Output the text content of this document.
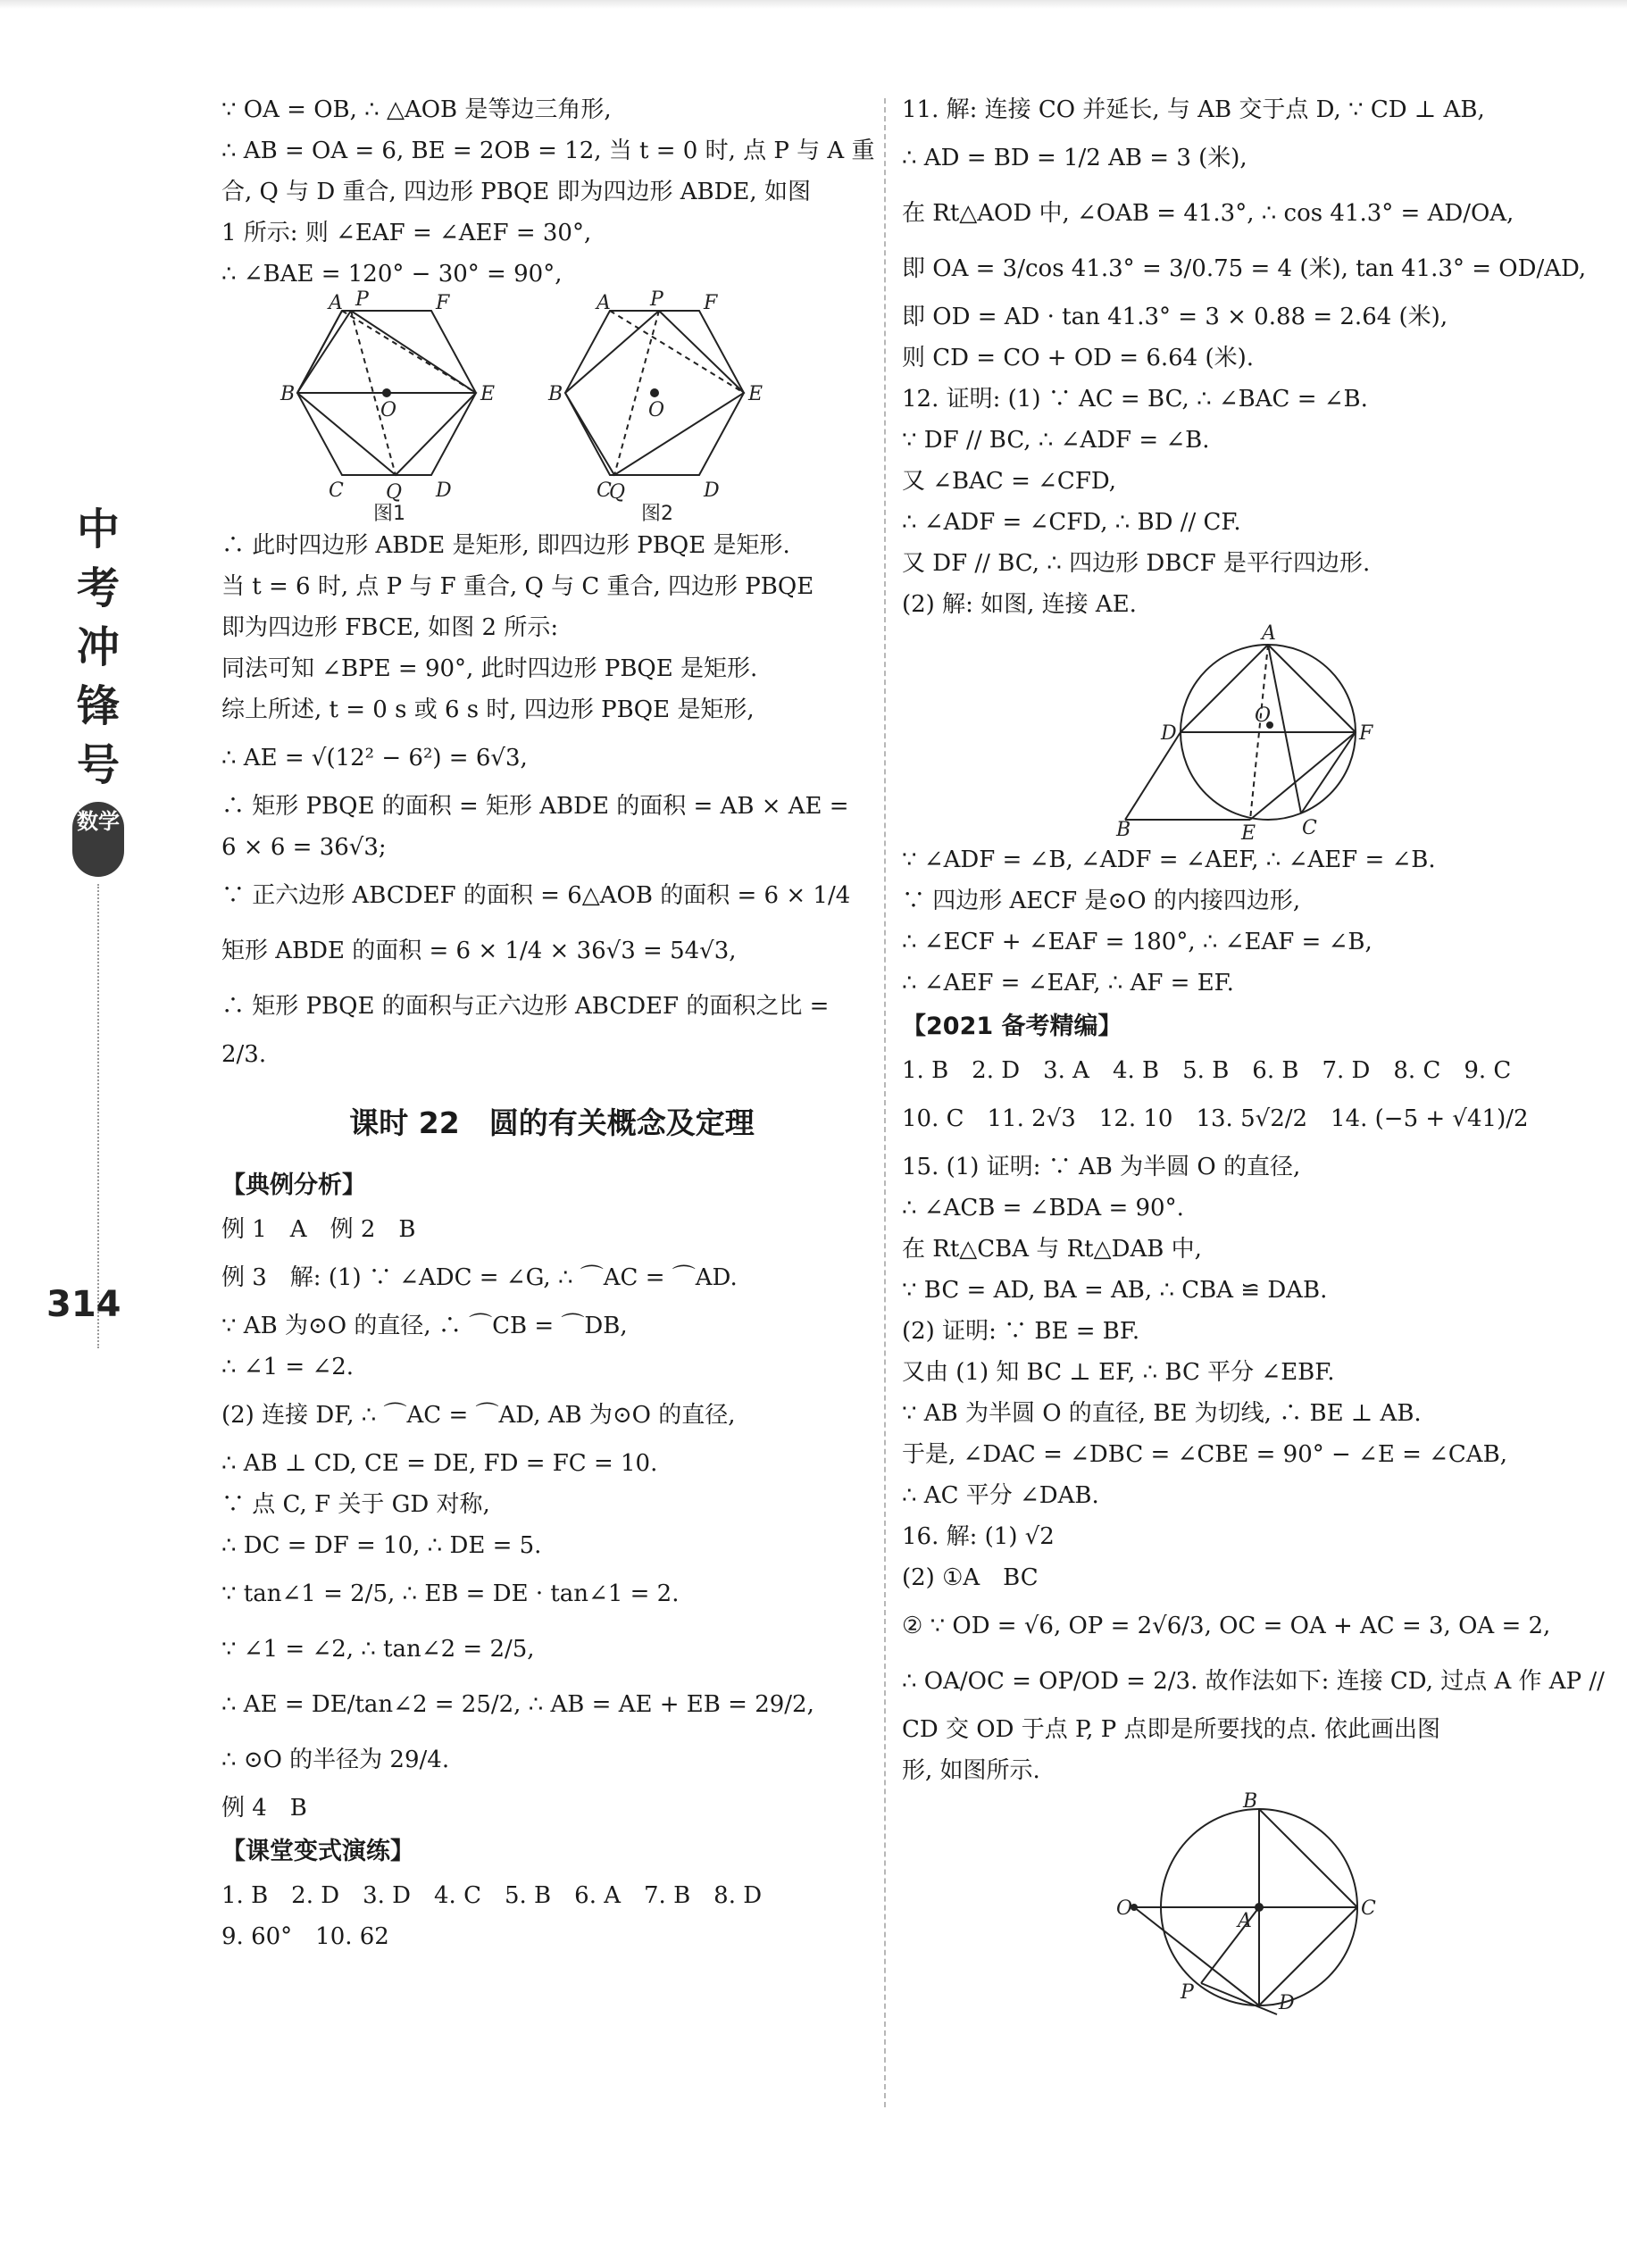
中
考
冲
锋
号
数学
314
∵ OA = OB, ∴ △AOB 是等边三角形,
∴ AB = OA = 6, BE = 2OB = 12, 当 t = 0 时, 点 P 与 A 重
合, Q 与 D 重合, 四边形 PBQE 即为四边形 ABDE, 如图
1 所示: 则 ∠EAF = ∠AEF = 30°,
∴ ∠BAE = 120° − 30° = 90°,
A P	F
B
O
E
C Q D
A P F
B
O
E
C
Q	D
图1	图2
∴ 此时四边形 ABDE 是矩形, 即四边形 PBQE 是矩形.
当 t = 6 时, 点 P 与 F 重合, Q 与 C 重合, 四边形 PBQE
即为四边形 FBCE, 如图 2 所示:
同法可知 ∠BPE = 90°, 此时四边形 PBQE 是矩形.
综上所述, t = 0 s 或 6 s 时, 四边形 PBQE 是矩形,
∴ AE = √(12² − 6²) = 6√3,
∴ 矩形 PBQE 的面积 = 矩形 ABDE 的面积 = AB × AE =
6 × 6 = 36√3;
∵ 正六边形 ABCDEF 的面积 = 6△AOB 的面积 = 6 × 1/4
矩形 ABDE 的面积 = 6 × 1/4 × 36√3 = 54√3,
∴ 矩形 PBQE 的面积与正六边形 ABCDEF 的面积之比 =
2/3.
课时 22　圆的有关概念及定理
【典例分析】
例 1　A　例 2　B
例 3　解: (1) ∵ ∠ADC = ∠G, ∴ ⌒AC = ⌒AD.
∵ AB 为⊙O 的直径, ∴ ⌒CB = ⌒DB,
∴ ∠1 = ∠2.
(2) 连接 DF, ∴ ⌒AC = ⌒AD, AB 为⊙O 的直径,
∴ AB ⊥ CD, CE = DE, FD = FC = 10.
∵ 点 C, F 关于 GD 对称,
∴ DC = DF = 10, ∴ DE = 5.
∵ tan∠1 = 2/5, ∴ EB = DE · tan∠1 = 2.
∵ ∠1 = ∠2, ∴ tan∠2 = 2/5,
∴ AE = DE/tan∠2 = 25/2, ∴ AB = AE + EB = 29/2,
∴ ⊙O 的半径为 29/4.
例 4　B
【课堂变式演练】
1. B　2. D　3. D　4. C　5. B　6. A　7. B　8. D
9. 60°　10. 62
11. 解: 连接 CO 并延长, 与 AB 交于点 D, ∵ CD ⊥ AB,
∴ AD = BD = 1/2 AB = 3 (米),
在 Rt△AOD 中, ∠OAB = 41.3°, ∴ cos 41.3° = AD/OA,
即 OA = 3/cos 41.3° = 3/0.75 = 4 (米), tan 41.3° = OD/AD,
即 OD = AD · tan 41.3° = 3 × 0.88 = 2.64 (米),
则 CD = CO + OD = 6.64 (米).
12. 证明: (1) ∵ AC = BC, ∴ ∠BAC = ∠B.
∵ DF // BC, ∴ ∠ADF = ∠B.
又 ∠BAC = ∠CFD,
∴ ∠ADF = ∠CFD, ∴ BD // CF.
又 DF // BC, ∴ 四边形 DBCF 是平行四边形.
(2) 解: 如图, 连接 AE.
A
D
O
F
B	E C
∵ ∠ADF = ∠B, ∠ADF = ∠AEF, ∴ ∠AEF = ∠B.
∵ 四边形 AECF 是⊙O 的内接四边形,
∴ ∠ECF + ∠EAF = 180°, ∴ ∠EAF = ∠B,
∴ ∠AEF = ∠EAF, ∴ AF = EF.
【2021 备考精编】
1. B　2. D　3. A　4. B　5. B　6. B　7. D　8. C　9. C
10. C　11. 2√3　12. 10　13. 5√2/2　14. (−5 + √41)/2
15. (1) 证明: ∵ AB 为半圆 O 的直径,
∴ ∠ACB = ∠BDA = 90°.
在 Rt△CBA 与 Rt△DAB 中,
∵ BC = AD, BA = AB, ∴ CBA ≌ DAB.
(2) 证明: ∵ BE = BF.
又由 (1) 知 BC ⊥ EF, ∴ BC 平分 ∠EBF.
∵ AB 为半圆 O 的直径, BE 为切线, ∴ BE ⊥ AB.
于是, ∠DAC = ∠DBC = ∠CBE = 90° − ∠E = ∠CAB,
∴ AC 平分 ∠DAB.
16. 解: (1) √2
(2) ①A　BC
② ∵ OD = √6, OP = 2√6/3, OC = OA + AC = 3, OA = 2,
∴ OA/OC = OP/OD = 2/3. 故作法如下: 连接 CD, 过点 A 作 AP //
CD 交 OD 于点 P, P 点即是所要找的点. 依此画出图
形, 如图所示.
B
O
A
C
P	D
